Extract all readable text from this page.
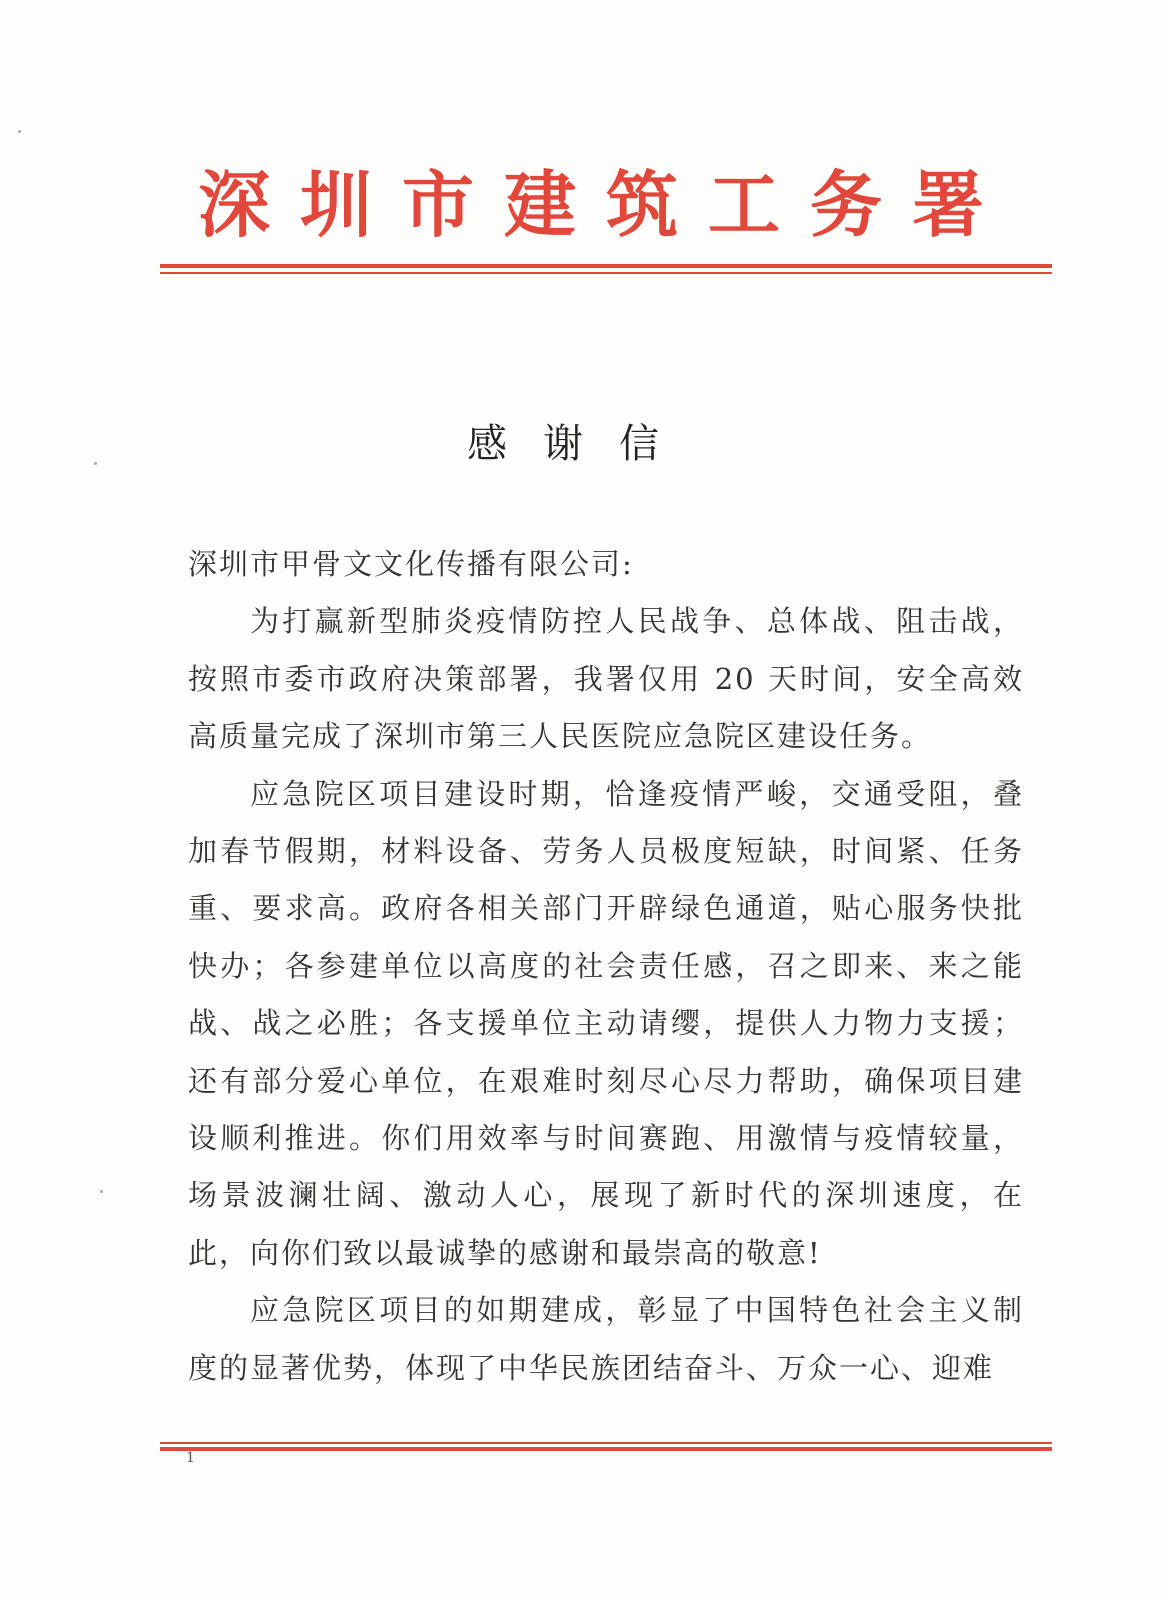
深圳市建筑工务署
感谢信

深圳市甲骨文文化传播有限公司:

为打赢新型肺炎疫情防控人民战争、总体战、阻击战，按照市委市政府决策部署，我署仅用 20 天时间，安全高效高质量完成了深圳市第三人民医院应急院区建设任务。

应急院区项目建设时期，恰逢疫情严峻，交通受阻，叠加春节假期，材料设备、劳务人员极度短缺，时间紧、任务重、要求高。政府各相关部门开辟绿色通道，贴心服务快批快办；各参建单位以高度的社会责任感，召之即来、来之能战、战之必胜；各支援单位主动请缨，提供人力物力支援；还有部分爱心单位，在艰难时刻尽心尽力帮助，确保项目建设顺利推进。你们用效率与时间赛跑、用激情与疫情较量，场景波澜壮阔、激动人心，展现了新时代的深圳速度，在此，向你们致以最诚挚的感谢和最崇高的敬意!

应急院区项目的如期建成，彰显了中国特色社会主义制度的显著优势，体现了中华民族团结奋斗、万众一心、迎难

1
